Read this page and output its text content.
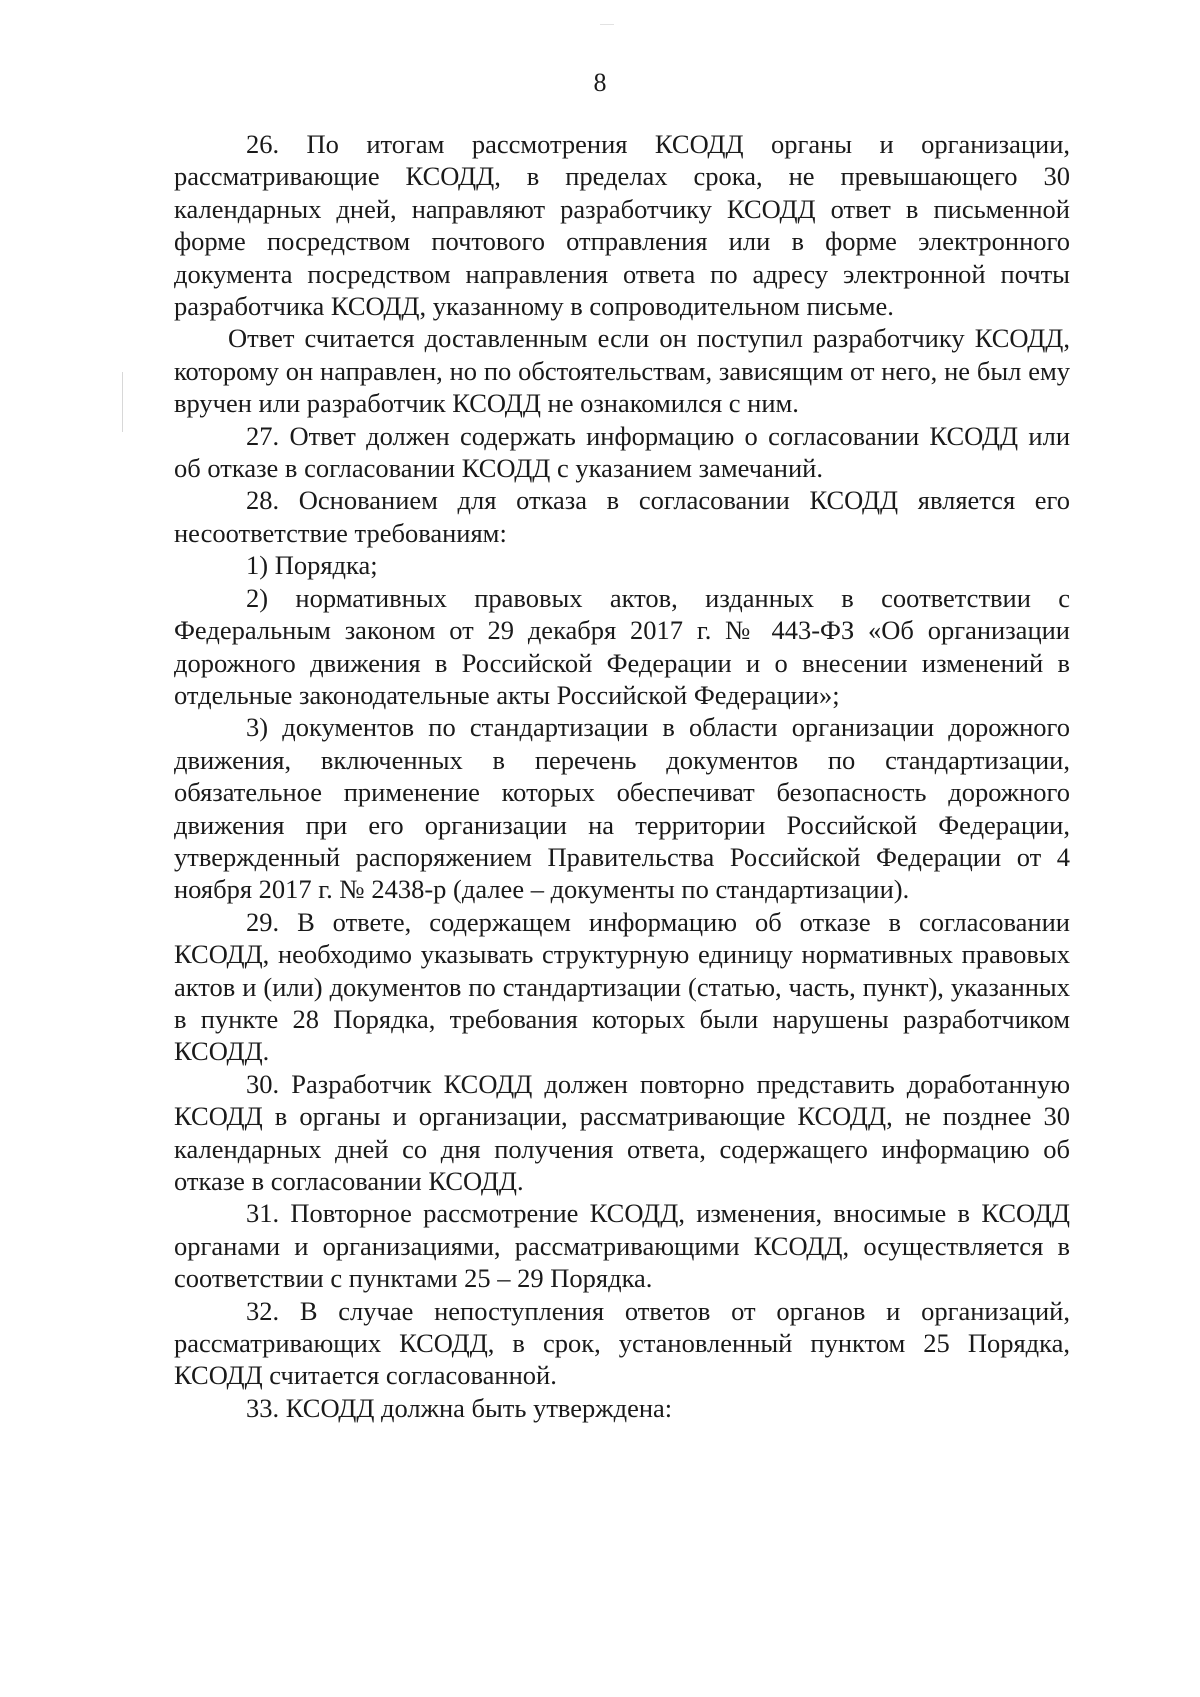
8

26. По итогам рассмотрения КСОДД органы и организации, рассматривающие КСОДД, в пределах срока, не превышающего 30 календарных дней, направляют разработчику КСОДД ответ в письменной форме посредством почтового отправления или в форме электронного документа посредством направления ответа по адресу электронной почты разработчика КСОДД, указанному в сопроводительном письме.

Ответ считается доставленным если он поступил разработчику КСОДД, которому он направлен, но по обстоятельствам, зависящим от него, не был ему вручен или разработчик КСОДД не ознакомился с ним.

27. Ответ должен содержать информацию о согласовании КСОДД или об отказе в согласовании КСОДД с указанием замечаний.

28. Основанием для отказа в согласовании КСОДД является его несоответствие требованиям:

1) Порядка;

2) нормативных правовых актов, изданных в соответствии с Федеральным законом от 29 декабря 2017 г. № 443-ФЗ «Об организации дорожного движения в Российской Федерации и о внесении изменений в отдельные законодательные акты Российской Федерации»;

3) документов по стандартизации в области организации дорожного движения, включенных в перечень документов по стандартизации, обязательное применение которых обеспечиват безопасность дорожного движения при его организации на территории Российской Федерации, утвержденный распоряжением Правительства Российской Федерации от 4 ноября 2017 г. № 2438-р (далее – документы по стандартизации).

29. В ответе, содержащем информацию об отказе в согласовании КСОДД, необходимо указывать структурную единицу нормативных правовых актов и (или) документов по стандартизации (статью, часть, пункт), указанных в пункте 28 Порядка, требования которых были нарушены разработчиком КСОДД.

30. Разработчик КСОДД должен повторно представить доработанную КСОДД в органы и организации, рассматривающие КСОДД, не позднее 30 календарных дней со дня получения ответа, содержащего информацию об отказе в согласовании КСОДД.

31. Повторное рассмотрение КСОДД, изменения, вносимые в КСОДД органами и организациями, рассматривающими КСОДД, осуществляется в соответствии с пунктами 25 – 29 Порядка.

32. В случае непоступления ответов от органов и организаций, рассматривающих КСОДД, в срок, установленный пунктом 25 Порядка, КСОДД считается согласованной.

33. КСОДД должна быть утверждена:
